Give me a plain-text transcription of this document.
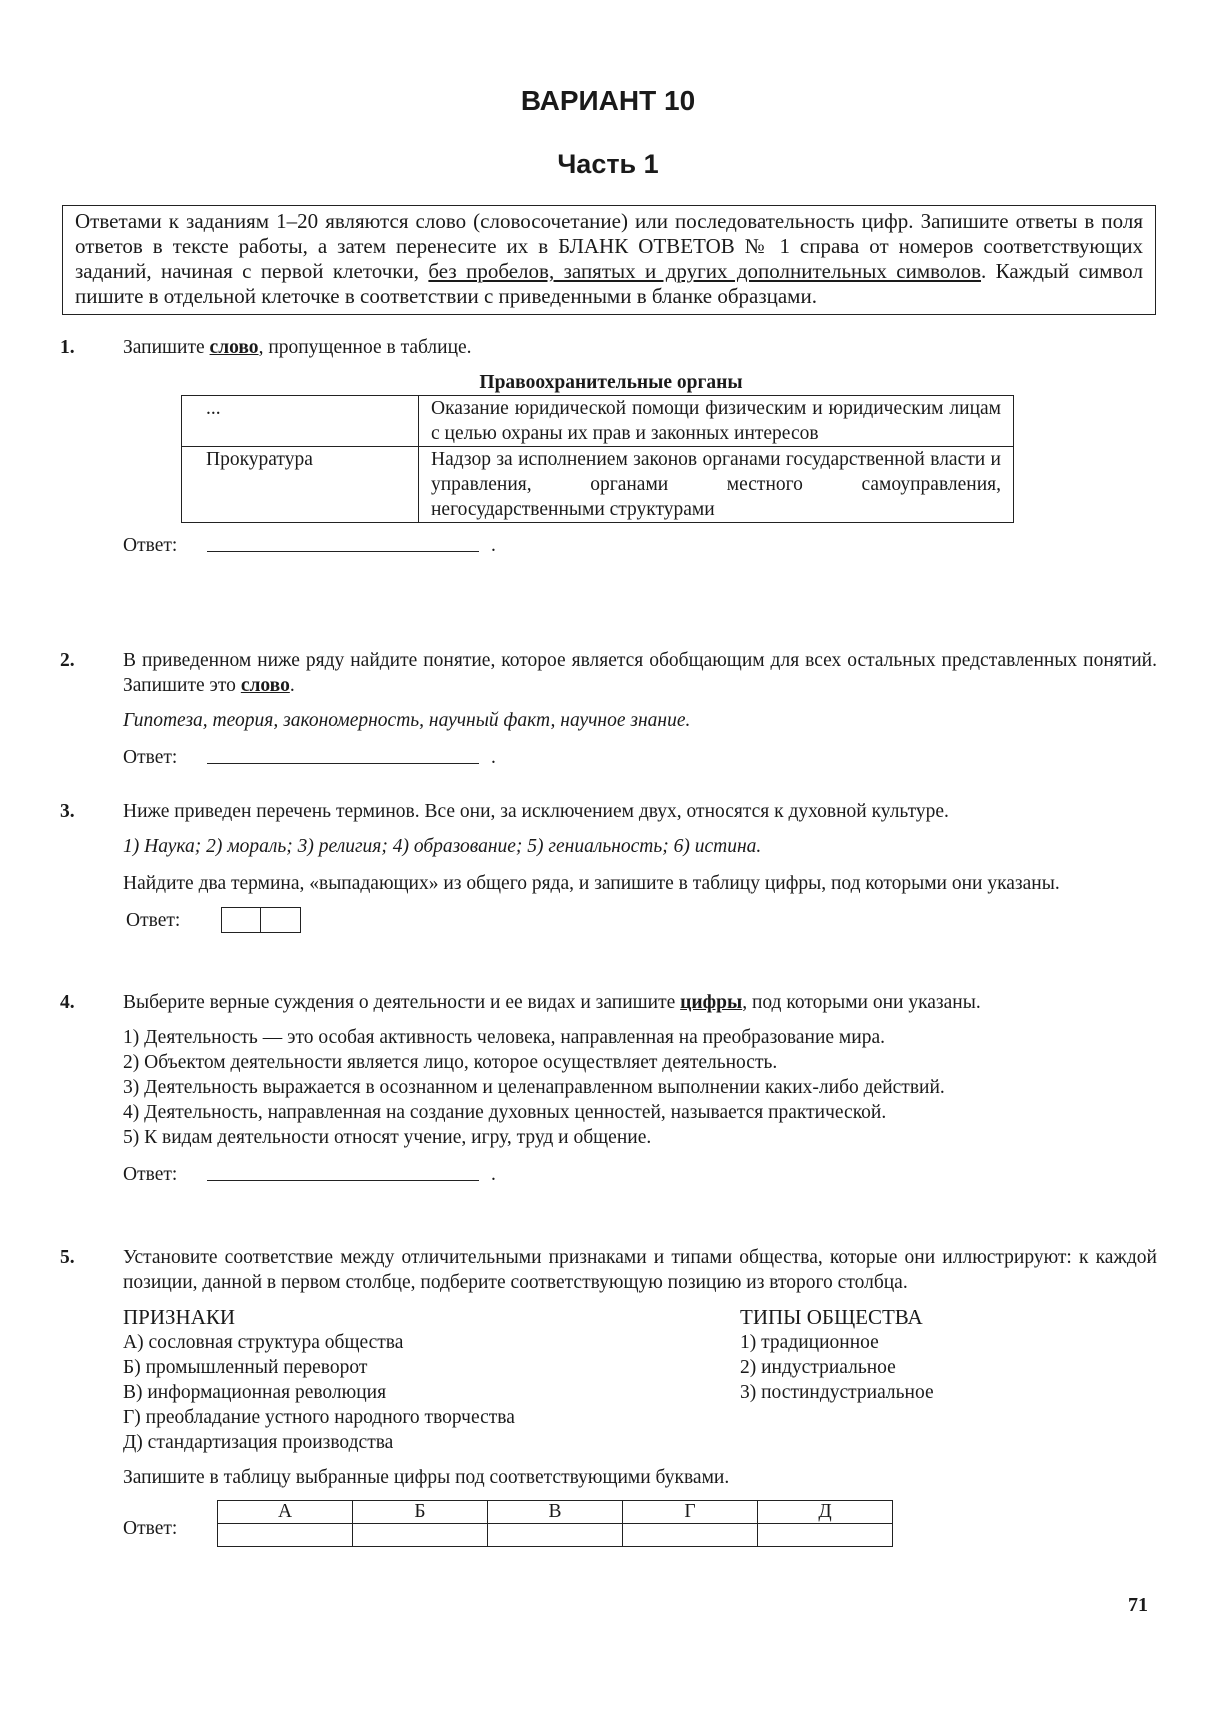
ВАРИАНТ 10
Часть 1
Ответами к заданиям 1–20 являются слово (словосочетание) или последовательность цифр. Запишите ответы в поля ответов в тексте работы, а затем перенесите их в БЛАНК ОТВЕТОВ № 1 справа от номеров соответствующих заданий, начиная с первой клеточки, без пробелов, запятых и других дополнительных символов. Каждый символ пишите в отдельной клеточке в соответствии с приведенными в бланке образцами.
1. Запишите слово, пропущенное в таблице.
Правоохранительные органы
...	Оказание юридической помощи физическим и юридическим лицам с целью охраны их прав и законных интересов
Прокуратура	Надзор за исполнением законов органами государственной власти и управления, органами местного самоуправления, негосударственными структурами
Ответ:	.
2. В приведенном ниже ряду найдите понятие, которое является обобщающим для всех остальных представленных понятий. Запишите это слово.
Гипотеза, теория, закономерность, научный факт, научное знание.
Ответ:	.
3. Ниже приведен перечень терминов. Все они, за исключением двух, относятся к духовной культуре.
1) Наука; 2) мораль; 3) религия; 4) образование; 5) гениальность; 6) истина.
Найдите два термина, «выпадающих» из общего ряда, и запишите в таблицу цифры, под которыми они указаны.
Ответ:
4. Выберите верные суждения о деятельности и ее видах и запишите цифры, под которыми они указаны.
1) Деятельность — это особая активность человека, направленная на преобразование мира.
2) Объектом деятельности является лицо, которое осуществляет деятельность.
3) Деятельность выражается в осознанном и целенаправленном выполнении каких-либо действий.
4) Деятельность, направленная на создание духовных ценностей, называется практической.
5) К видам деятельности относят учение, игру, труд и общение.
Ответ:	.
5. Установите соответствие между отличительными признаками и типами общества, которые они иллюстрируют: к каждой позиции, данной в первом столбце, подберите соответствующую позицию из второго столбца.
ПРИЗНАКИ
А) сословная структура общества
Б) промышленный переворот
В) информационная революция
Г) преобладание устного народного творчества
Д) стандартизация производства
ТИПЫ ОБЩЕСТВА
1) традиционное
2) индустриальное
3) постиндустриальное
Запишите в таблицу выбранные цифры под соответствующими буквами.
Ответ:
А	Б	В	Г	Д

71
